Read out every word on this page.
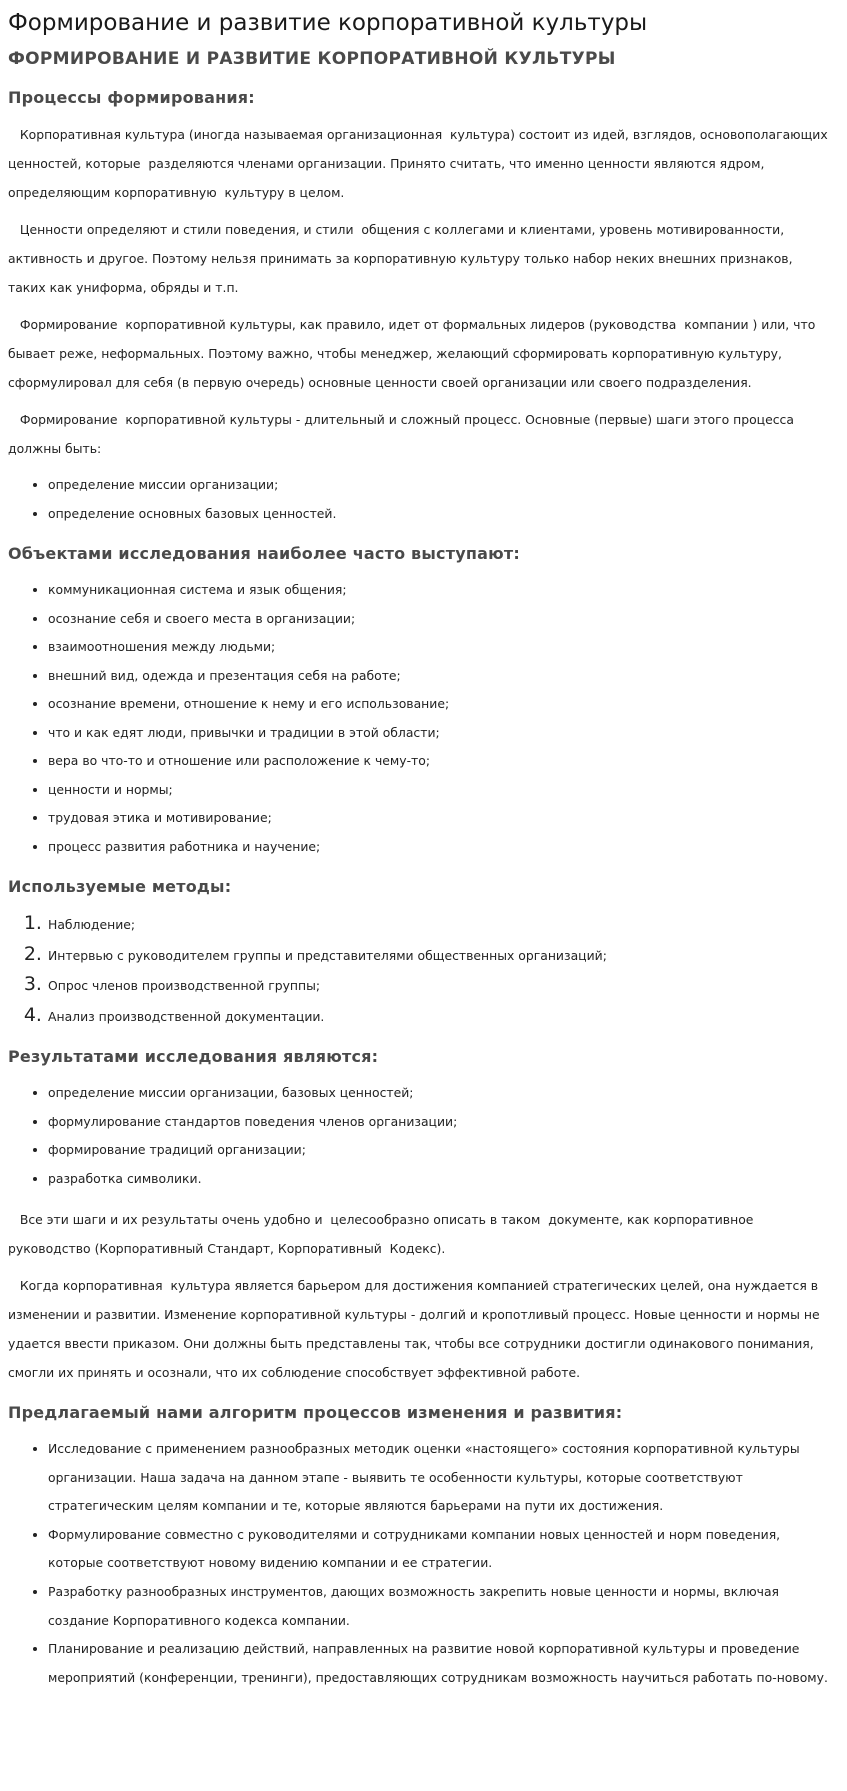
Формирование и развитие корпоративной культуры
ФОРМИРОВАНИЕ И РАЗВИТИЕ КОРПОРАТИВНОЙ КУЛЬТУРЫ
Процессы формирования:

Корпоративная культура (иногда называемая организационная  культура) состоит из идей, взглядов, основополагающих ценностей, которые  разделяются членами организации. Принято считать, что именно ценности являются ядром, определяющим корпоративную  культуру в целом.

Ценности определяют и стили поведения, и стили  общения с коллегами и клиентами, уровень мотивированности, активность и другое. Поэтому нельзя принимать за корпоративную культуру только набор неких внешних признаков, таких как униформа, обряды и т.п.

Формирование  корпоративной культуры, как правило, идет от формальных лидеров (руководства  компании ) или, что бывает реже, неформальных. Поэтому важно, чтобы менеджер, желающий сформировать корпоративную культуру, сформулировал для себя (в первую очередь) основные ценности своей организации или своего подразделения.

Формирование  корпоративной культуры - длительный и сложный процесс. Основные (первые) шаги этого процесса должны быть:

• определение миссии организации;
• определение основных базовых ценностей.
Объектами исследования наиболее часто выступают:
• коммуникационная система и язык общения;
• осознание себя и своего места в организации;
• взаимоотношения между людьми;
• внешний вид, одежда и презентация себя на работе;
• осознание времени, отношение к нему и его использование;
• что и как едят люди, привычки и традиции в этой области;
• вера во что-то и отношение или расположение к чему-то;
• ценности и нормы;
• трудовая этика и мотивирование;
• процесс развития работника и научение;
Используемые методы:
1. Наблюдение;
2. Интервью с руководителем группы и представителями общественных организаций;
3. Опрос членов производственной группы;
4. Анализ производственной документации.
Результатами исследования являются:
• определение миссии организации, базовых ценностей;
• формулирование стандартов поведения членов организации;
• формирование традиций организации;
• разработка символики.

Все эти шаги и их результаты очень удобно и  целесообразно описать в таком  документе, как корпоративное руководство (Корпоративный Стандарт, Корпоративный  Кодекс).

Когда корпоративная  культура является барьером для достижения компанией стратегических целей, она нуждается в изменении и развитии. Изменение корпоративной культуры - долгий и кропотливый процесс. Новые ценности и нормы не удается ввести приказом. Они должны быть представлены так, чтобы все сотрудники достигли одинакового понимания, смогли их принять и осознали, что их соблюдение способствует эффективной работе.

Предлагаемый нами алгоритм процессов изменения и развития:
• Исследование с применением разнообразных методик оценки «настоящего» состояния корпоративной культуры организации. Наша задача на данном этапе - выявить те особенности культуры, которые соответствуют стратегическим целям компании и те, которые являются барьерами на пути их достижения.
• Формулирование совместно с руководителями и сотрудниками компании новых ценностей и норм поведения, которые соответствуют новому видению компании и ее стратегии.
• Разработку разнообразных инструментов, дающих возможность закрепить новые ценности и нормы, включая создание Корпоративного кодекса компании.
• Планирование и реализацию действий, направленных на развитие новой корпоративной культуры и проведение мероприятий (конференции, тренинги), предоставляющих сотрудникам возможность научиться работать по-новому.
